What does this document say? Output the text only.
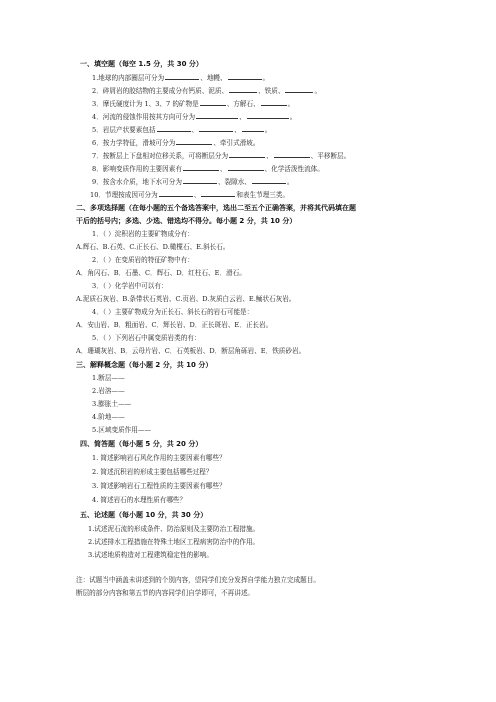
一、填空题（每空 1.5 分，共 30 分）
1.地球的内部圈层可分为	、地幔、	。
2．碎屑岩的胶结物的主要成分有钙质、泥质、	、铁质、	。
3．摩氏硬度计为 1、3、7 的矿物是	、方解石、	。
4．河流的侵蚀作用按其方向可分为	、	。
5．岩层产状要素包括	、	、	。
6．按力学特征，滑坡可分为	、牵引式滑坡。
7．按断层上下盘相对位移关系，可将断层分为	、	、平移断层。
8．影响变质作用的主要因素有	、	、化学活泼性流体。
9．按含水介质，地下水可分为	、裂隙水、	。
10．节理按成因可分为	、	和表生节理三类。
二、多项选择题（在每小题的五个备选答案中，选出二至五个正确答案，并将其代码填在题
干后的括号内；多选、少选、错选均不得分。每小题 2 分，共 10 分）
1．（ ）淀积岩的主要矿物成分有：
A.辉石、B.石英、C.正长石、D.橄榄石、E.斜长石。
2．（ ）在变质岩的特征矿物中有：
A．角闪石、B．石墨、C．辉石、D．红柱石、E．滑石。
3．（ ）化学岩中可以有：
A.泥质石灰岩、B.条带状石英岩、C.页岩、D.灰质白云岩、E.鲕状石灰岩。
4．（ ）主要矿物成分为正长石、斜长石的岩石可能是：
A．安山岩、B．粗面岩、C．辉长岩、D．正长斑岩、E．正长岩。
5．（ ）下列岩石中属变质岩类的有：
A．珊瑚灰岩、B．云母片岩、C．石英板岩、D．断层角砾岩、E．铁质砂岩。
三、解释概念题（每小题 2 分，共 10 分）
1.断层——
2.岩溶——
3.膨胀土——
4.阶地——
5.区域变质作用——
四、简答题（每小题 5 分，共 20 分）
1. 简述影响岩石风化作用的主要因素有哪些？
2. 简述沉积岩的形成主要包括哪些过程？
3. 简述影响岩石工程性质的主要因素有哪些？
4. 简述岩石的水理性质有哪些？
五、论述题（每小题 10 分，共 30 分）
1.试述泥石流的形成条件、防治原则及主要防治工程措施。
2.试述排水工程措施在特殊土地区工程病害防治中的作用。
3.试述地质构造对工程建筑稳定性的影响。
注：试题当中涵盖未讲述到的个别内容，望同学们充分发挥自学能力独立完成题目。
断层的部分内容和第五节的内容同学们自学即可，不再讲述。
